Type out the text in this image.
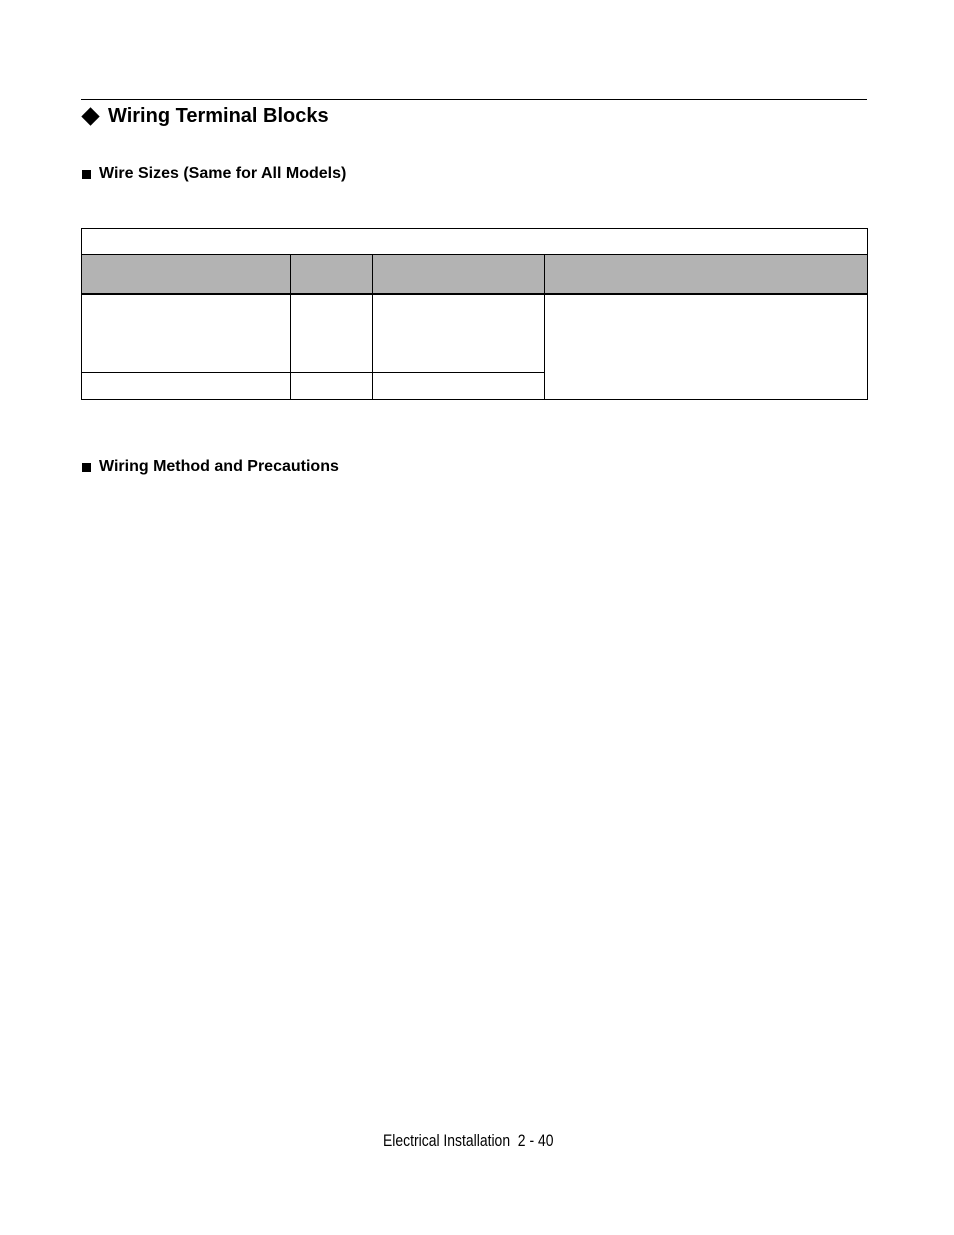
Wiring Terminal Blocks
Wire Sizes (Same for All Models)

Wiring Method and Precautions
Electrical Installation  2 - 40
